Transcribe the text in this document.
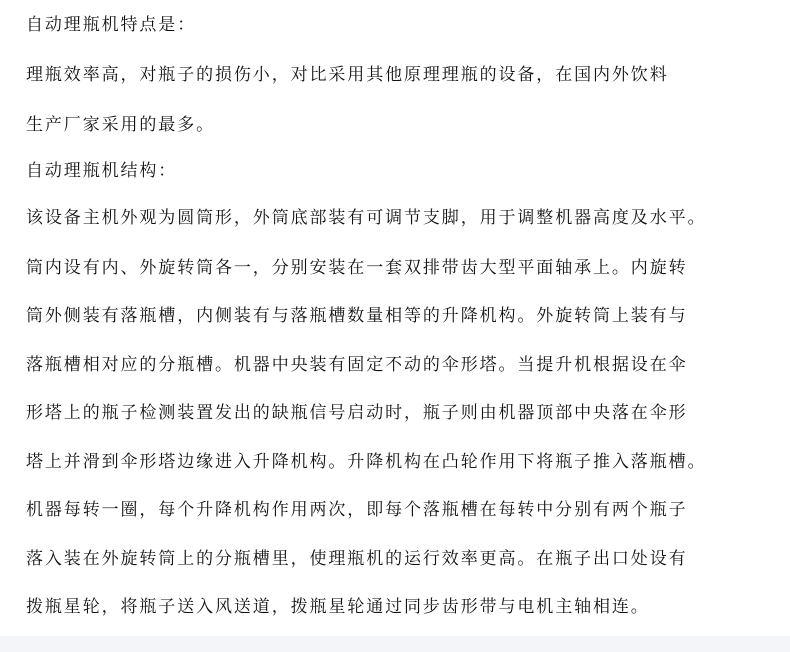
自动理瓶机特点是：

理瓶效率高，对瓶子的损伤小，对比采用其他原理理瓶的设备，在国内外饮料

生产厂家采用的最多。

自动理瓶机结构：

该设备主机外观为圆筒形，外筒底部装有可调节支脚，用于调整机器高度及水平。

筒内设有内、外旋转筒各一，分别安装在一套双排带齿大型平面轴承上。内旋转

筒外侧装有落瓶槽，内侧装有与落瓶槽数量相等的升降机构。外旋转筒上装有与

落瓶槽相对应的分瓶槽。机器中央装有固定不动的伞形塔。当提升机根据设在伞

形塔上的瓶子检测装置发出的缺瓶信号启动时，瓶子则由机器顶部中央落在伞形

塔上并滑到伞形塔边缘进入升降机构。升降机构在凸轮作用下将瓶子推入落瓶槽。

机器每转一圈，每个升降机构作用两次，即每个落瓶槽在每转中分别有两个瓶子

落入装在外旋转筒上的分瓶槽里，使理瓶机的运行效率更高。在瓶子出口处设有

拨瓶星轮，将瓶子送入风送道，拨瓶星轮通过同步齿形带与电机主轴相连。
